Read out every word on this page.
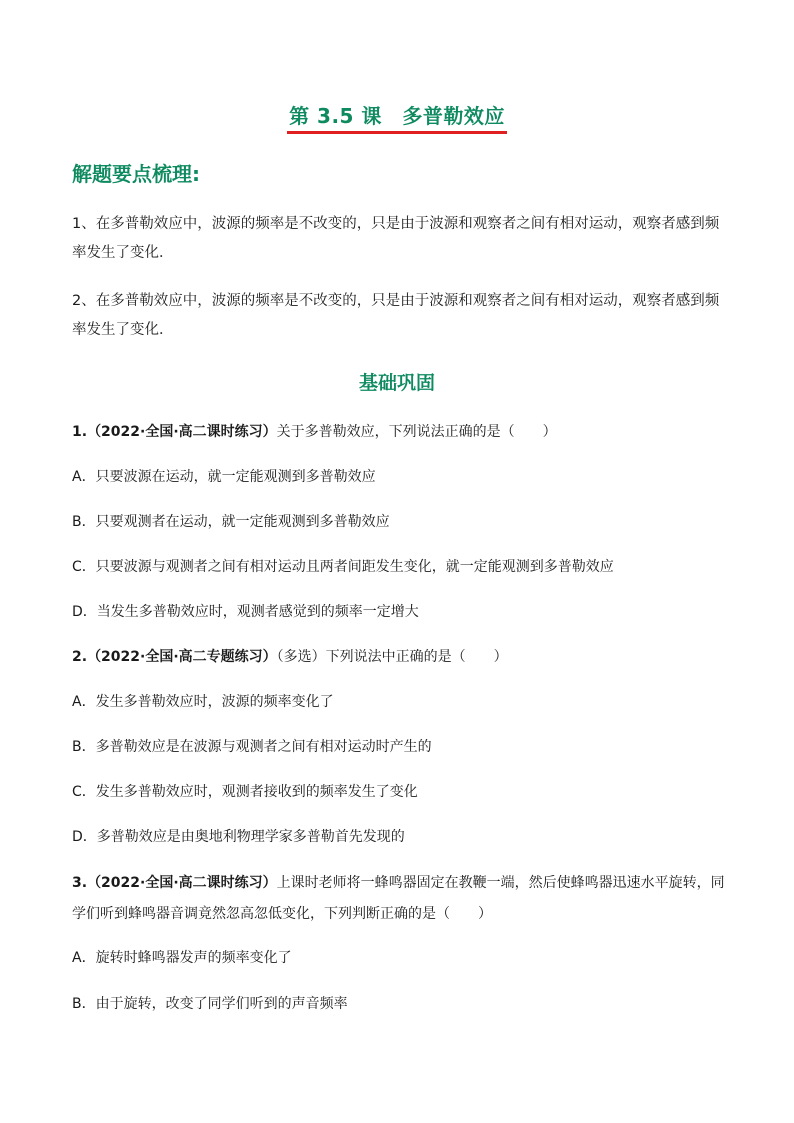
第 3.5 课　多普勒效应
解题要点梳理:
1、在多普勒效应中，波源的频率是不改变的，只是由于波源和观察者之间有相对运动，观察者感到频率发生了变化．
2、在多普勒效应中，波源的频率是不改变的，只是由于波源和观察者之间有相对运动，观察者感到频率发生了变化．
基础巩固
1.（2022·全国·高二课时练习）关于多普勒效应，下列说法正确的是（　　）
A．只要波源在运动，就一定能观测到多普勒效应
B．只要观测者在运动，就一定能观测到多普勒效应
C．只要波源与观测者之间有相对运动且两者间距发生变化，就一定能观测到多普勒效应
D．当发生多普勒效应时，观测者感觉到的频率一定增大
2.（2022·全国·高二专题练习）（多选）下列说法中正确的是（　　）
A．发生多普勒效应时，波源的频率变化了
B．多普勒效应是在波源与观测者之间有相对运动时产生的
C．发生多普勒效应时，观测者接收到的频率发生了变化
D．多普勒效应是由奥地利物理学家多普勒首先发现的
3.（2022·全国·高二课时练习）上课时老师将一蜂鸣器固定在教鞭一端，然后使蜂鸣器迅速水平旋转，同学们听到蜂鸣器音调竟然忽高忽低变化，下列判断正确的是（　　）
A．旋转时蜂鸣器发声的频率变化了
B．由于旋转，改变了同学们听到的声音频率
